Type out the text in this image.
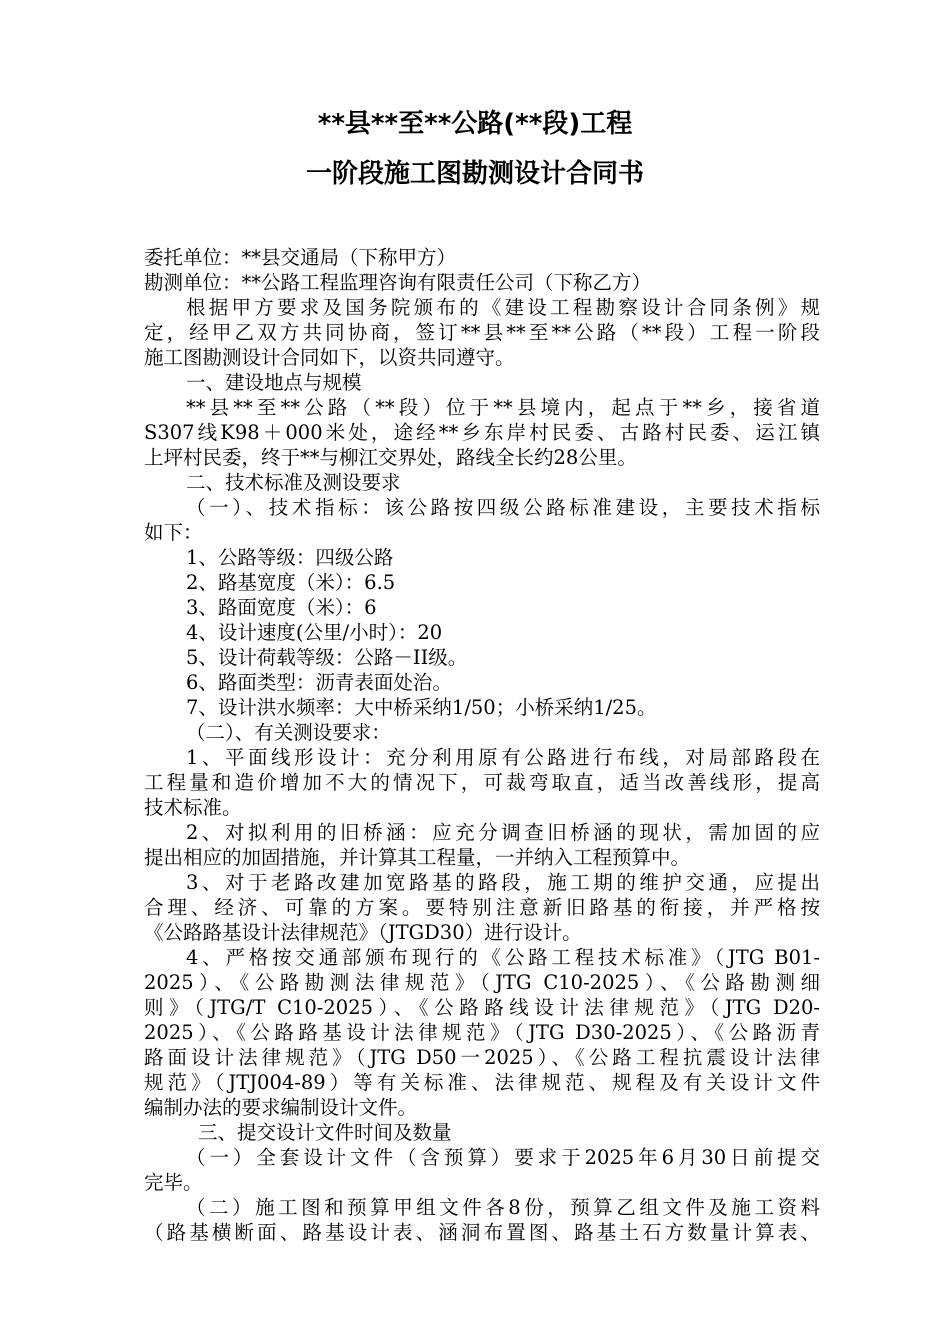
**县**至**公路(**段)工程
一阶段施工图勘测设计合同书
委托单位：**县交通局（下称甲方）
勘测单位：**公路工程监理咨询有限责任公司（下称乙方）
根据甲方要求及国务院颁布的《建设工程勘察设计合同条例》规
定，经甲乙双方共同协商，签订**县**至**公路（**段）工程一阶段
施工图勘测设计合同如下，以资共同遵守。
一、建设地点与规模
**县**至**公路（**段）位于**县境内，起点于**乡，接省道
S307线K98＋000米处，途经**乡东岸村民委、古路村民委、运江镇
上坪村民委，终于**与柳江交界处，路线全长约28公里。
二、技术标准及测设要求
（一）、技术指标：该公路按四级公路标准建设，主要技术指标
如下：
1、公路等级：四级公路
2、路基宽度（米）：6.5
3、路面宽度（米）：6
4、设计速度(公里/小时）：20
5、设计荷载等级：公路－II级。
6、路面类型：沥青表面处治。
7、设计洪水频率：大中桥采纳1/50；小桥采纳1/25。
（二）、有关测设要求：
1、平面线形设计：充分利用原有公路进行布线，对局部路段在
工程量和造价增加不大的情况下，可裁弯取直，适当改善线形，提高
技术标准。
2、对拟利用的旧桥涵：应充分调查旧桥涵的现状，需加固的应
提出相应的加固措施，并计算其工程量，一并纳入工程预算中。
3、对于老路改建加宽路基的路段，施工期的维护交通，应提出
合理、经济、可靠的方案。要特别注意新旧路基的衔接，并严格按
《公路路基设计法律规范》（JTGD30）进行设计。
4、严格按交通部颁布现行的《公路工程技术标准》（JTG B01-
2025）、《公路勘测法律规范》（JTG C10-2025）、《公路勘测细
则》（JTG/T C10-2025）、《公路路线设计法律规范》（JTG D20-
2025）、《公路路基设计法律规范》（JTG D30-2025）、《公路沥青
路面设计法律规范》（JTG D50一2025）、《公路工程抗震设计法律
规范》（JTJ004-89）等有关标准、法律规范、规程及有关设计文件
编制办法的要求编制设计文件。
三、提交设计文件时间及数量
（一）全套设计文件（含预算）要求于2025年6月30日前提交
完毕。
（二）施工图和预算甲组文件各8份，预算乙组文件及施工资料
（路基横断面、路基设计表、涵洞布置图、路基土石方数量计算表、
